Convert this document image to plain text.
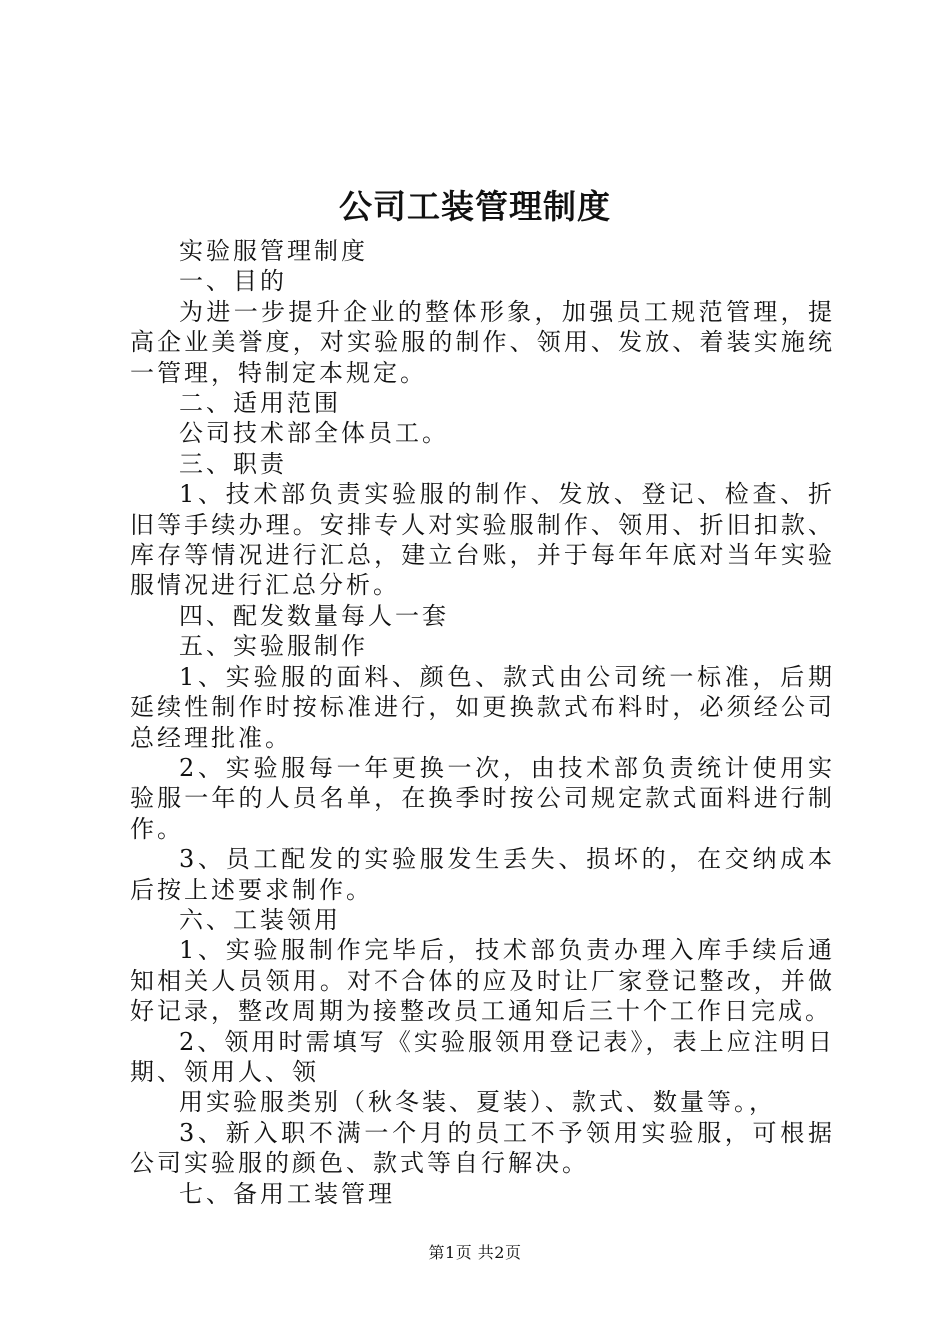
公司工装管理制度

实验服管理制度

一、目的

为进一步提升企业的整体形象，加强员工规范管理，提高企业美誉度，对实验服的制作、领用、发放、着装实施统一管理，特制定本规定。

二、适用范围

公司技术部全体员工。

三、职责

1、技术部负责实验服的制作、发放、登记、检查、折旧等手续办理。安排专人对实验服制作、领用、折旧扣款、库存等情况进行汇总，建立台账，并于每年年底对当年实验服情况进行汇总分析。

四、配发数量每人一套

五、实验服制作

1、实验服的面料、颜色、款式由公司统一标准，后期延续性制作时按标准进行，如更换款式布料时，必须经公司总经理批准。

2、实验服每一年更换一次，由技术部负责统计使用实验服一年的人员名单，在换季时按公司规定款式面料进行制作。

3、员工配发的实验服发生丢失、损坏的，在交纳成本后按上述要求制作。

六、工装领用

1、实验服制作完毕后，技术部负责办理入库手续后通知相关人员领用。对不合体的应及时让厂家登记整改，并做好记录，整改周期为接整改员工通知后三十个工作日完成。

2、领用时需填写《实验服领用登记表》，表上应注明日期、领用人、领

用实验服类别（秋冬装、夏装）、款式、数量等。，

3、新入职不满一个月的员工不予领用实验服，可根据公司实验服的颜色、款式等自行解决。

七、备用工装管理

第1页 共2页
